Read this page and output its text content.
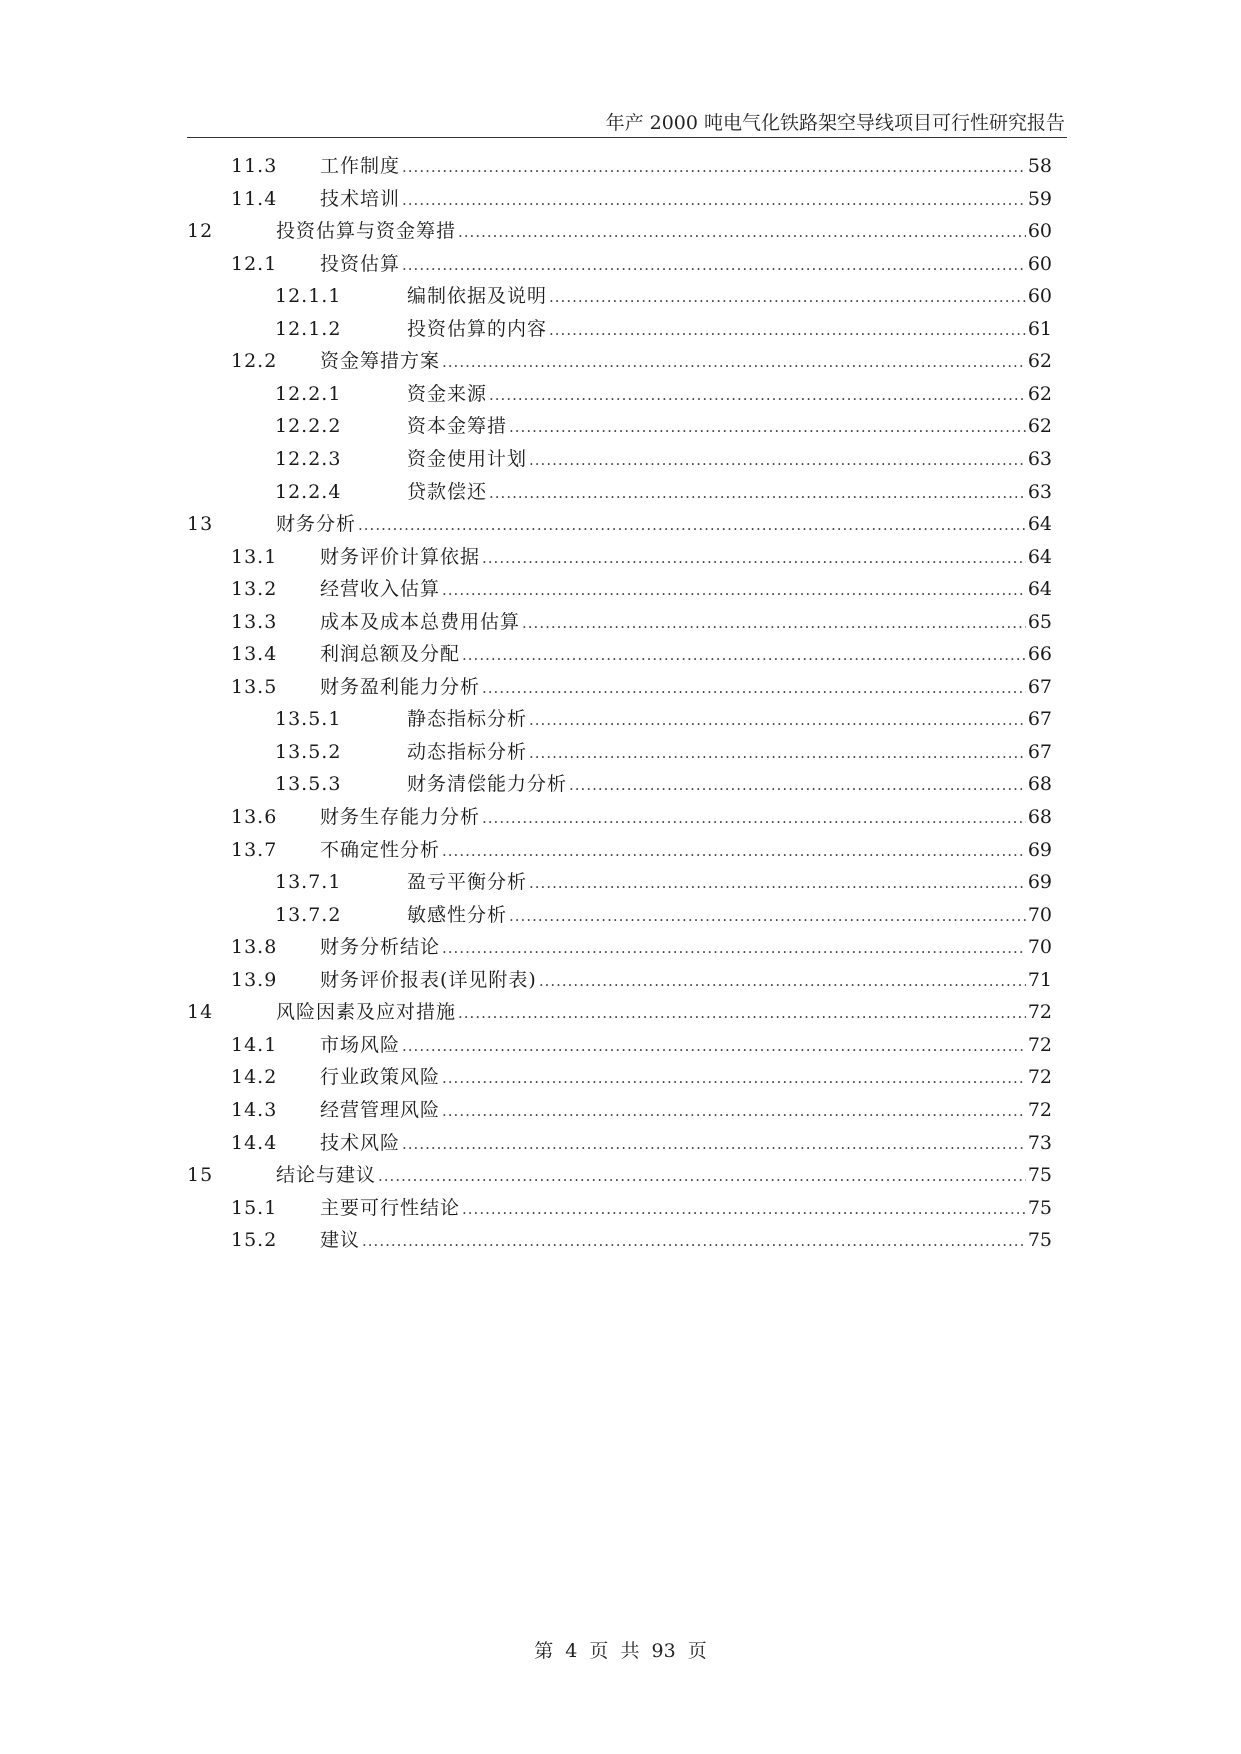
年产 2000 吨电气化铁路架空导线项目可行性研究报告
11.3	工作制度 .....	58
11.4	技术培训 .....	59
12	投资估算与资金筹措 .....	60
12.1	投资估算 .....	60
12.1.1	编制依据及说明 .....	60
12.1.2	投资估算的内容 .....	61
12.2	资金筹措方案 .....	62
12.2.1	资金来源 .....	62
12.2.2	资本金筹措 .....	62
12.2.3	资金使用计划 .....	63
12.2.4	贷款偿还 .....	63
13	财务分析 .....	64
13.1	财务评价计算依据 .....	64
13.2	经营收入估算 .....	64
13.3	成本及成本总费用估算 .....	65
13.4	利润总额及分配 .....	66
13.5	财务盈利能力分析 .....	67
13.5.1	静态指标分析 .....	67
13.5.2	动态指标分析 .....	67
13.5.3	财务清偿能力分析 .....	68
13.6	财务生存能力分析 .....	68
13.7	不确定性分析 .....	69
13.7.1	盈亏平衡分析 .....	69
13.7.2	敏感性分析 .....	70
13.8	财务分析结论 .....	70
13.9	财务评价报表(详见附表) .....	71
14	风险因素及应对措施 .....	72
14.1	市场风险 .....	72
14.2	行业政策风险 .....	72
14.3	经营管理风险 .....	72
14.4	技术风险 .....	73
15	结论与建议 .....	75
15.1	主要可行性结论 .....	75
15.2	建议 .....	75
第 4 页 共 93 页
